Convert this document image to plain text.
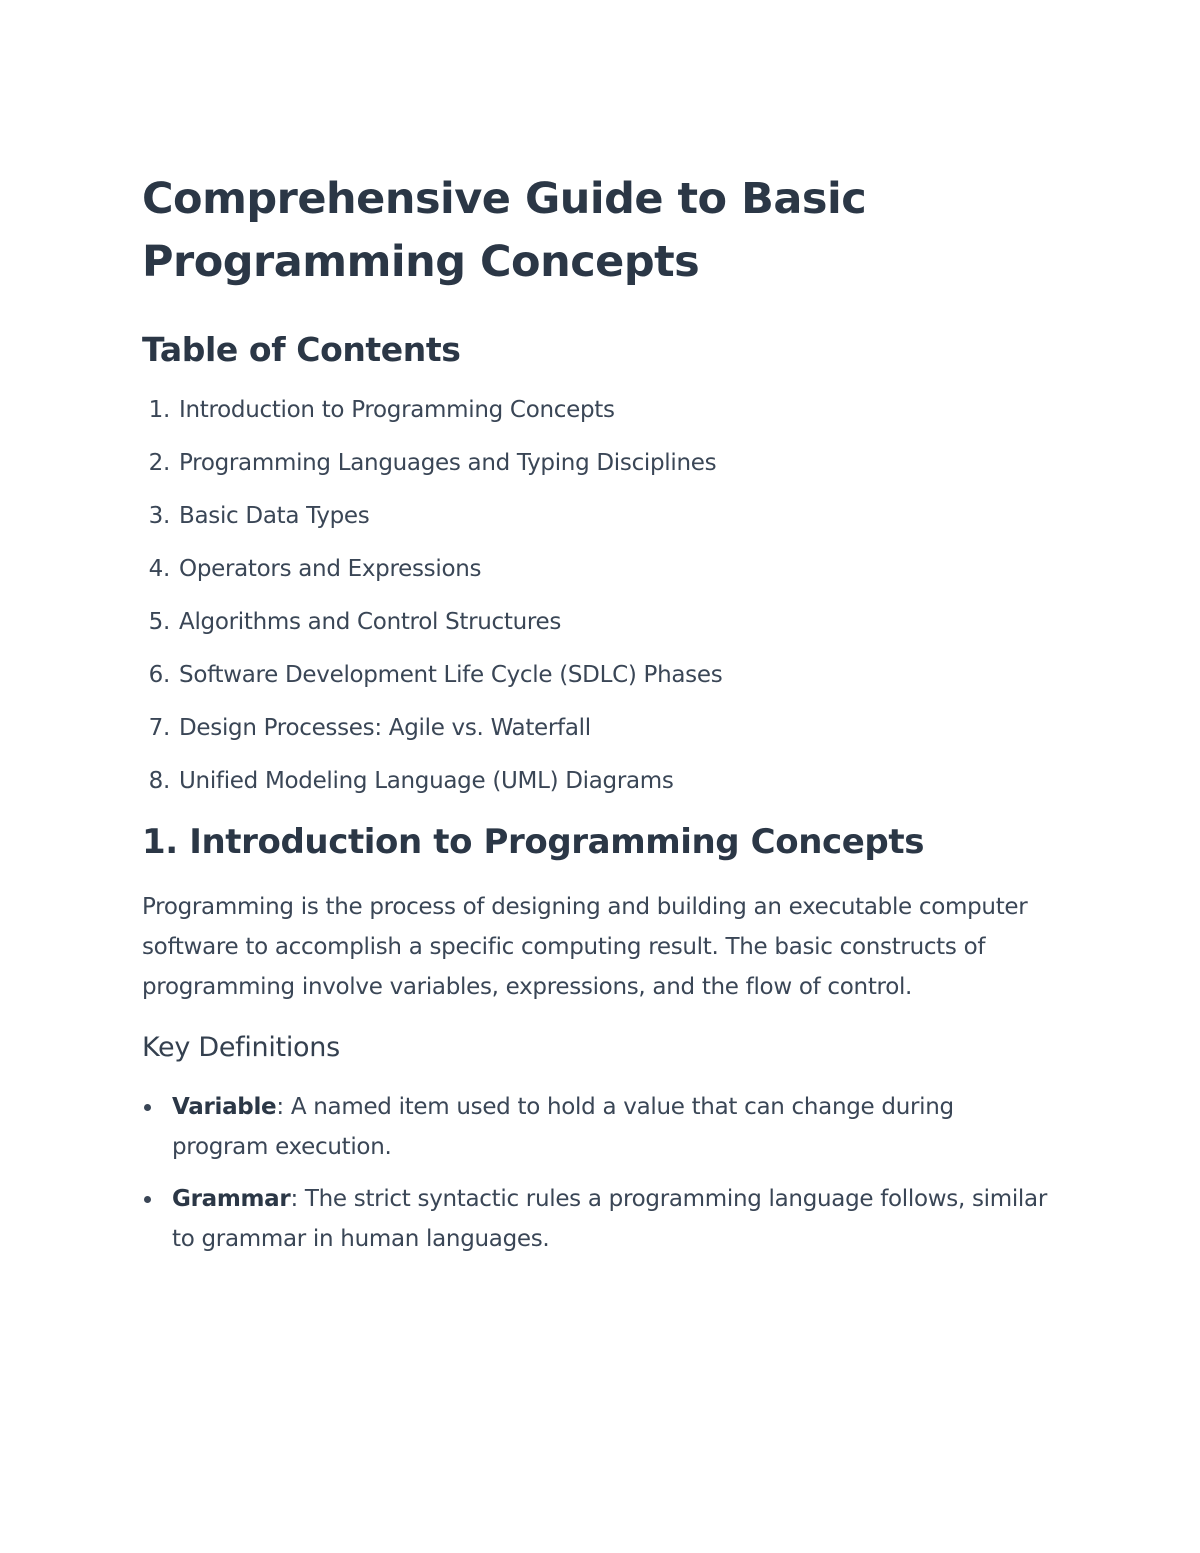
Comprehensive Guide to Basic Programming Concepts
Table of Contents
1. Introduction to Programming Concepts
2. Programming Languages and Typing Disciplines
3. Basic Data Types
4. Operators and Expressions
5. Algorithms and Control Structures
6. Software Development Life Cycle (SDLC) Phases
7. Design Processes: Agile vs. Waterfall
8. Unified Modeling Language (UML) Diagrams
1. Introduction to Programming Concepts

Programming is the process of designing and building an executable computer software to accomplish a specific computing result. The basic constructs of programming involve variables, expressions, and the flow of control.

Key Definitions
Variable: A named item used to hold a value that can change during program execution.
Grammar: The strict syntactic rules a programming language follows, similar to grammar in human languages.
